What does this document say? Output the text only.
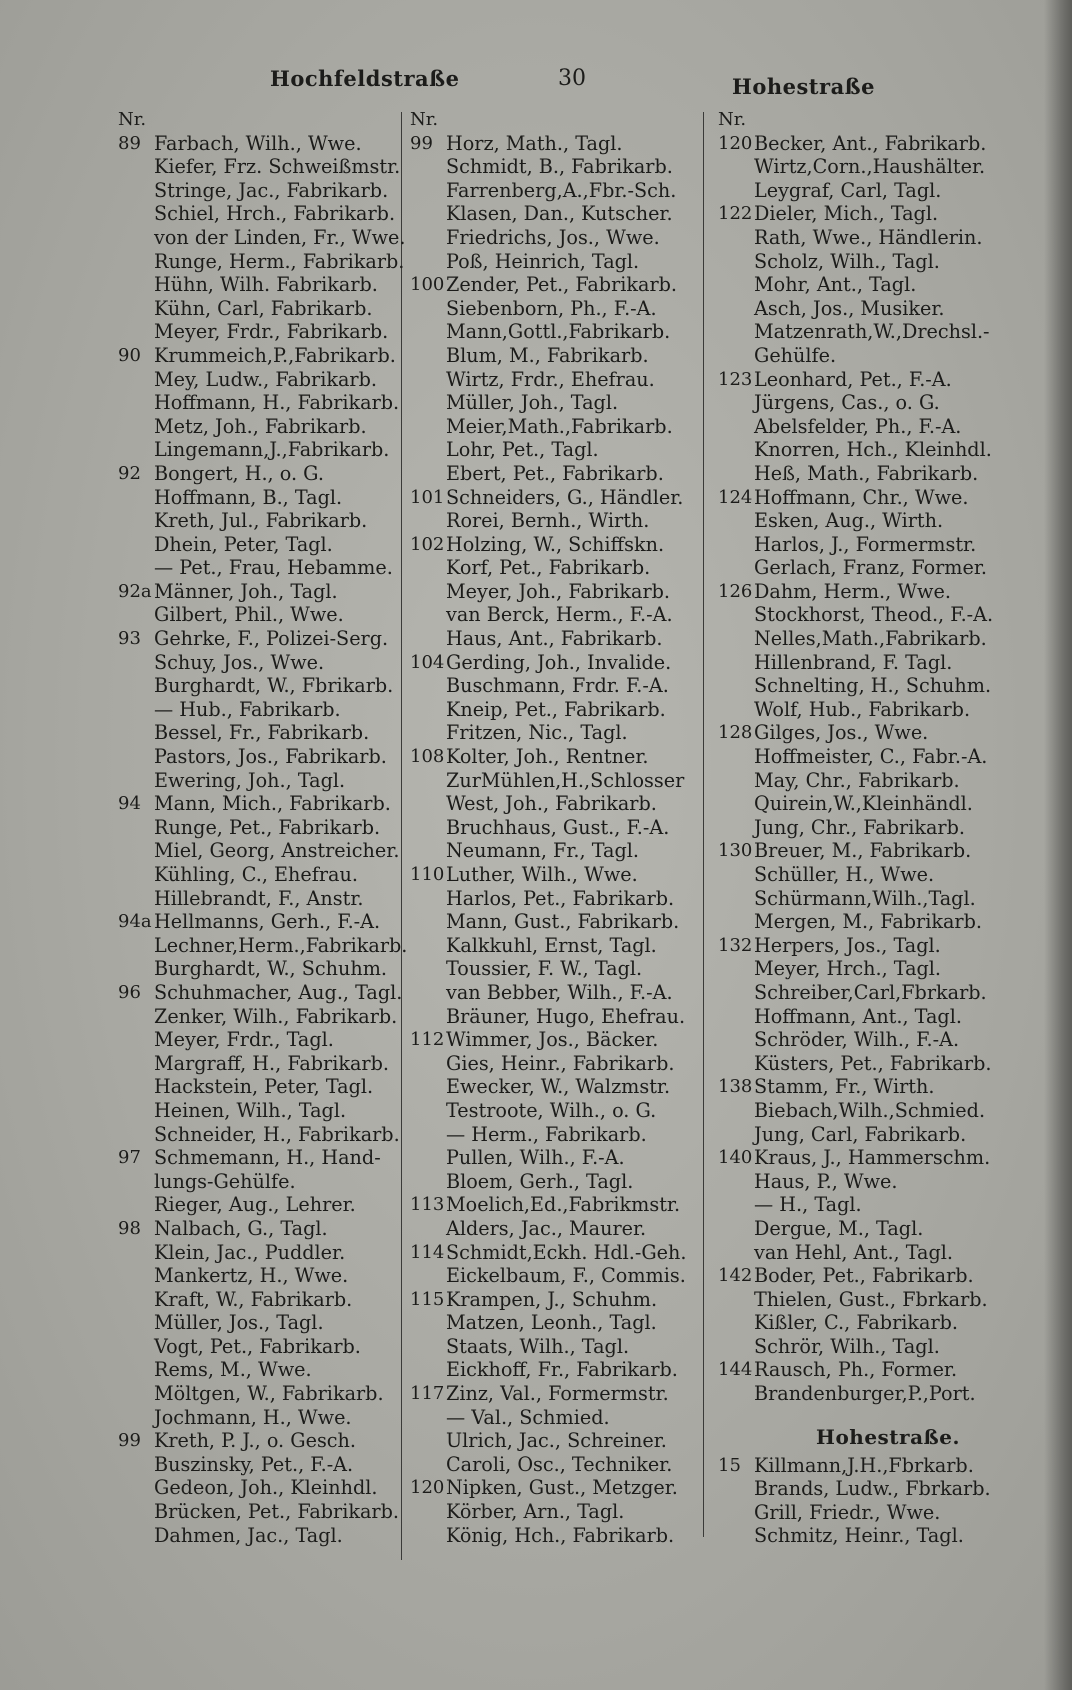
Hochfeldstraße	30	Hohestraße
Nr.
89 Farbach, Wilh., Wwe.
Kiefer, Frz. Schweißmstr.
Stringe, Jac., Fabrikarb.
Schiel, Hrch., Fabrikarb.
von der Linden, Fr., Wwe.
Runge, Herm., Fabrikarb.
Hühn, Wilh. Fabrikarb.
Kühn, Carl, Fabrikarb.
Meyer, Frdr., Fabrikarb.
90 Krummeich,P.,Fabrikarb.
Mey, Ludw., Fabrikarb.
Hoffmann, H., Fabrikarb.
Metz, Joh., Fabrikarb.
Lingemann,J.,Fabrikarb.
92 Bongert, H., o. G.
Hoffmann, B., Tagl.
Kreth, Jul., Fabrikarb.
Dhein, Peter, Tagl.
— Pet., Frau, Hebamme.
92a Männer, Joh., Tagl.
Gilbert, Phil., Wwe.
93 Gehrke, F., Polizei-Serg.
Schuy, Jos., Wwe.
Burghardt, W., Fbrikarb.
— Hub., Fabrikarb.
Bessel, Fr., Fabrikarb.
Pastors, Jos., Fabrikarb.
Ewering, Joh., Tagl.
94 Mann, Mich., Fabrikarb.
Runge, Pet., Fabrikarb.
Miel, Georg, Anstreicher.
Kühling, C., Ehefrau.
Hillebrandt, F., Anstr.
94a Hellmanns, Gerh., F.-A.
Lechner,Herm.,Fabrikarb.
Burghardt, W., Schuhm.
96 Schuhmacher, Aug., Tagl.
Zenker, Wilh., Fabrikarb.
Meyer, Frdr., Tagl.
Margraff, H., Fabrikarb.
Hackstein, Peter, Tagl.
Heinen, Wilh., Tagl.
Schneider, H., Fabrikarb.
97 Schmemann, H., Hand-
lungs-Gehülfe.
Rieger, Aug., Lehrer.
98 Nalbach, G., Tagl.
Klein, Jac., Puddler.
Mankertz, H., Wwe.
Kraft, W., Fabrikarb.
Müller, Jos., Tagl.
Vogt, Pet., Fabrikarb.
Rems, M., Wwe.
Möltgen, W., Fabrikarb.
Jochmann, H., Wwe.
99 Kreth, P. J., o. Gesch.
Buszinsky, Pet., F.-A.
Gedeon, Joh., Kleinhdl.
Brücken, Pet., Fabrikarb.
Dahmen, Jac., Tagl.
Nr.
99 Horz, Math., Tagl.
Schmidt, B., Fabrikarb.
Farrenberg,A.,Fbr.-Sch.
Klasen, Dan., Kutscher.
Friedrichs, Jos., Wwe.
Poß, Heinrich, Tagl.
100 Zender, Pet., Fabrikarb.
Siebenborn, Ph., F.-A.
Mann,Gottl.,Fabrikarb.
Blum, M., Fabrikarb.
Wirtz, Frdr., Ehefrau.
Müller, Joh., Tagl.
Meier,Math.,Fabrikarb.
Lohr, Pet., Tagl.
Ebert, Pet., Fabrikarb.
101 Schneiders, G., Händler.
Rorei, Bernh., Wirth.
102 Holzing, W., Schiffskn.
Korf, Pet., Fabrikarb.
Meyer, Joh., Fabrikarb.
van Berck, Herm., F.-A.
Haus, Ant., Fabrikarb.
104 Gerding, Joh., Invalide.
Buschmann, Frdr. F.-A.
Kneip, Pet., Fabrikarb.
Fritzen, Nic., Tagl.
108 Kolter, Joh., Rentner.
ZurMühlen,H.,Schlosser
West, Joh., Fabrikarb.
Bruchhaus, Gust., F.-A.
Neumann, Fr., Tagl.
110 Luther, Wilh., Wwe.
Harlos, Pet., Fabrikarb.
Mann, Gust., Fabrikarb.
Kalkkuhl, Ernst, Tagl.
Toussier, F. W., Tagl.
van Bebber, Wilh., F.-A.
Bräuner, Hugo, Ehefrau.
112 Wimmer, Jos., Bäcker.
Gies, Heinr., Fabrikarb.
Ewecker, W., Walzmstr.
Testroote, Wilh., o. G.
— Herm., Fabrikarb.
Pullen, Wilh., F.-A.
Bloem, Gerh., Tagl.
113 Moelich,Ed.,Fabrikmstr.
Alders, Jac., Maurer.
114 Schmidt,Eckh. Hdl.-Geh.
Eickelbaum, F., Commis.
115 Krampen, J., Schuhm.
Matzen, Leonh., Tagl.
Staats, Wilh., Tagl.
Eickhoff, Fr., Fabrikarb.
117 Zinz, Val., Formermstr.
— Val., Schmied.
Ulrich, Jac., Schreiner.
Caroli, Osc., Techniker.
120 Nipken, Gust., Metzger.
Körber, Arn., Tagl.
König, Hch., Fabrikarb.
Nr.
120 Becker, Ant., Fabrikarb.
Wirtz,Corn.,Haushälter.
Leygraf, Carl, Tagl.
122 Dieler, Mich., Tagl.
Rath, Wwe., Händlerin.
Scholz, Wilh., Tagl.
Mohr, Ant., Tagl.
Asch, Jos., Musiker.
Matzenrath,W.,Drechsl.-
Gehülfe.
123 Leonhard, Pet., F.-A.
Jürgens, Cas., o. G.
Abelsfelder, Ph., F.-A.
Knorren, Hch., Kleinhdl.
Heß, Math., Fabrikarb.
124 Hoffmann, Chr., Wwe.
Esken, Aug., Wirth.
Harlos, J., Formermstr.
Gerlach, Franz, Former.
126 Dahm, Herm., Wwe.
Stockhorst, Theod., F.-A.
Nelles,Math.,Fabrikarb.
Hillenbrand, F. Tagl.
Schnelting, H., Schuhm.
Wolf, Hub., Fabrikarb.
128 Gilges, Jos., Wwe.
Hoffmeister, C., Fabr.-A.
May, Chr., Fabrikarb.
Quirein,W.,Kleinhändl.
Jung, Chr., Fabrikarb.
130 Breuer, M., Fabrikarb.
Schüller, H., Wwe.
Schürmann,Wilh.,Tagl.
Mergen, M., Fabrikarb.
132 Herpers, Jos., Tagl.
Meyer, Hrch., Tagl.
Schreiber,Carl,Fbrkarb.
Hoffmann, Ant., Tagl.
Schröder, Wilh., F.-A.
Küsters, Pet., Fabrikarb.
138 Stamm, Fr., Wirth.
Biebach,Wilh.,Schmied.
Jung, Carl, Fabrikarb.
140 Kraus, J., Hammerschm.
Haus, P., Wwe.
— H., Tagl.
Dergue, M., Tagl.
van Hehl, Ant., Tagl.
142 Boder, Pet., Fabrikarb.
Thielen, Gust., Fbrkarb.
Kißler, C., Fabrikarb.
Schrör, Wilh., Tagl.
144 Rausch, Ph., Former.
Brandenburger,P.,Port.
Hohestraße.
15 Killmann,J.H.,Fbrkarb.
Brands, Ludw., Fbrkarb.
Grill, Friedr., Wwe.
Schmitz, Heinr., Tagl.
